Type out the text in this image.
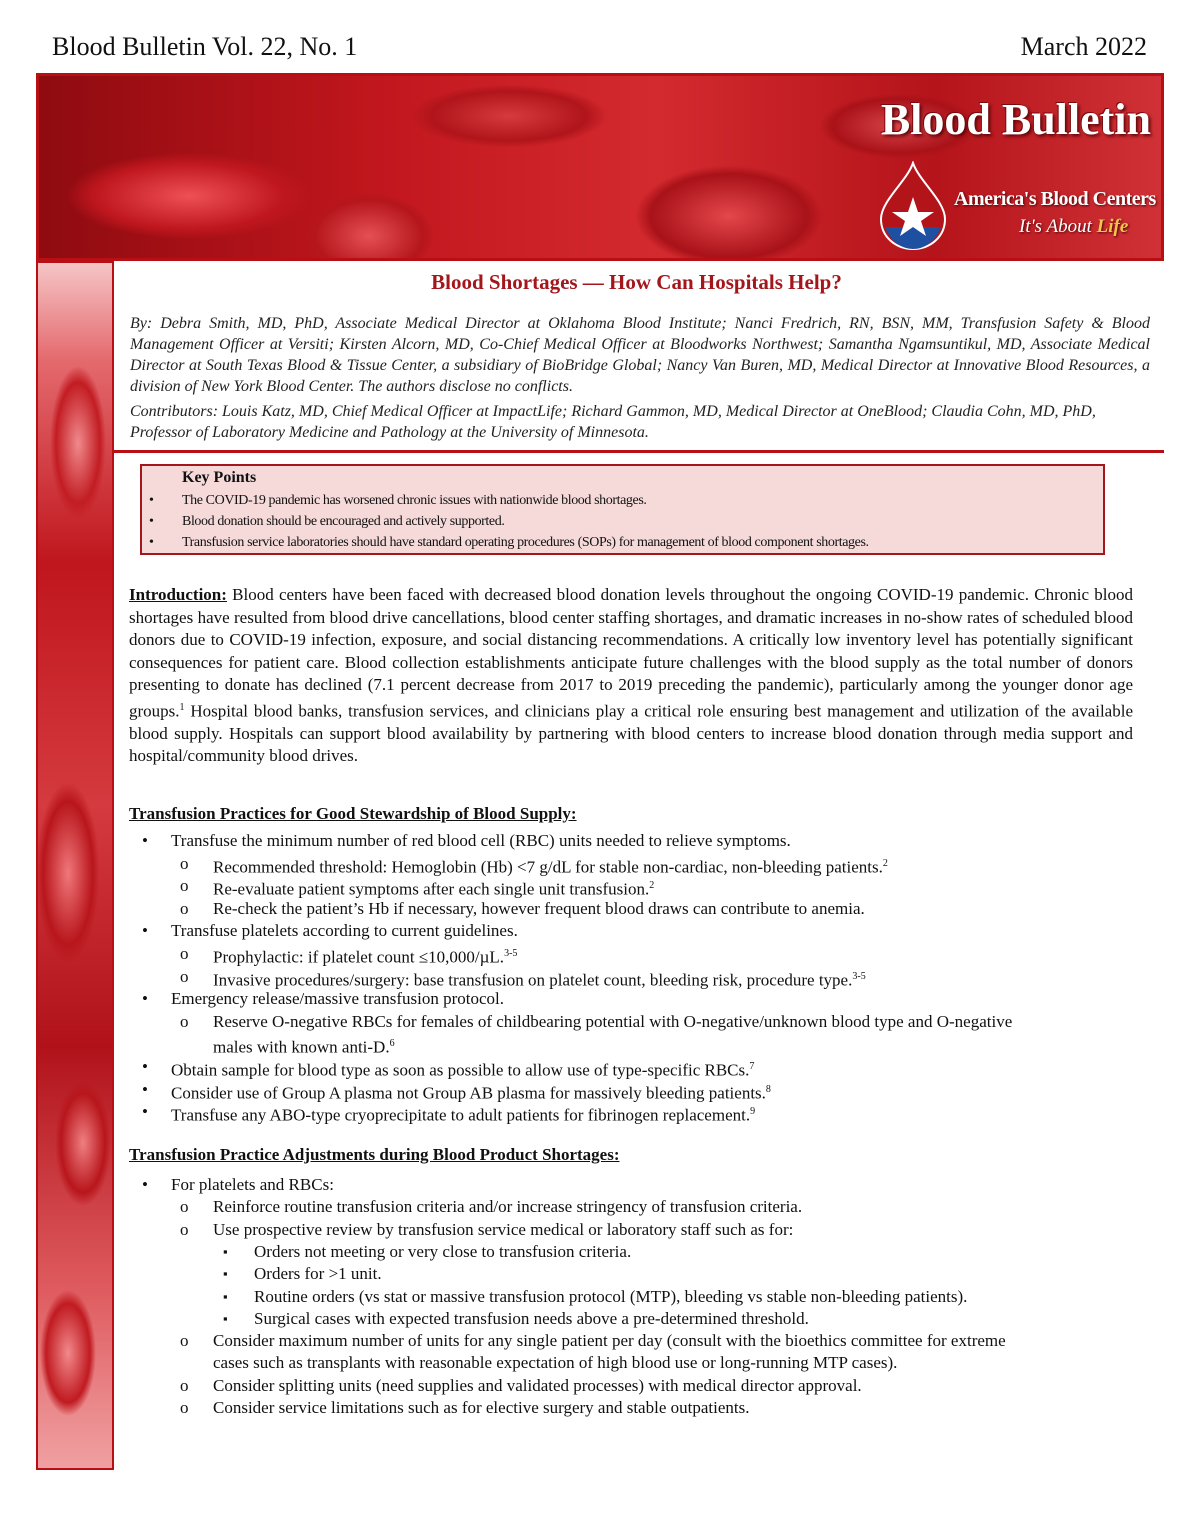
Blood Bulletin Vol. 22, No. 1	March 2022
Blood Bulletin
America's Blood Centers
It's About Life
Blood Shortages — How Can Hospitals Help?
By: Debra Smith, MD, PhD, Associate Medical Director at Oklahoma Blood Institute; Nanci Fredrich, RN, BSN, MM, Transfusion Safety & Blood Management Officer at Versiti; Kirsten Alcorn, MD, Co-Chief Medical Officer at Bloodworks Northwest; Samantha Ngamsuntikul, MD, Associate Medical Director at South Texas Blood & Tissue Center, a subsidiary of BioBridge Global; Nancy Van Buren, MD, Medical Director at Innovative Blood Resources, a division of New York Blood Center. The authors disclose no conflicts.
Contributors: Louis Katz, MD, Chief Medical Officer at ImpactLife; Richard Gammon, MD, Medical Director at OneBlood; Claudia Cohn, MD, PhD, Professor of Laboratory Medicine and Pathology at the University of Minnesota.
Key Points
• The COVID-19 pandemic has worsened chronic issues with nationwide blood shortages.
• Blood donation should be encouraged and actively supported.
• Transfusion service laboratories should have standard operating procedures (SOPs) for management of blood component shortages.
Introduction: Blood centers have been faced with decreased blood donation levels throughout the ongoing COVID-19 pandemic. Chronic blood shortages have resulted from blood drive cancellations, blood center staffing shortages, and dramatic increases in no-show rates of scheduled blood donors due to COVID-19 infection, exposure, and social distancing recommendations. A critically low inventory level has potentially significant consequences for patient care. Blood collection establishments anticipate future challenges with the blood supply as the total number of donors presenting to donate has declined (7.1 percent decrease from 2017 to 2019 preceding the pandemic), particularly among the younger donor age groups.$^1$ Hospital blood banks, transfusion services, and clinicians play a critical role ensuring best management and utilization of the available blood supply. Hospitals can support blood availability by partnering with blood centers to increase blood donation through media support and hospital/community blood drives.
Transfusion Practices for Good Stewardship of Blood Supply:
• Transfuse the minimum number of red blood cell (RBC) units needed to relieve symptoms.
o Recommended threshold: Hemoglobin (Hb) <7 g/dL for stable non-cardiac, non-bleeding patients.$^2$
o Re-evaluate patient symptoms after each single unit transfusion.$^2$
o Re-check the patient’s Hb if necessary, however frequent blood draws can contribute to anemia.
• Transfuse platelets according to current guidelines.
o Prophylactic: if platelet count ≤10,000/µL.$^{3-5}$
o Invasive procedures/surgery: base transfusion on platelet count, bleeding risk, procedure type.$^{3-5}$
• Emergency release/massive transfusion protocol.
o Reserve O-negative RBCs for females of childbearing potential with O-negative/unknown blood type and O-negative
males with known anti-D.$^6$
• Obtain sample for blood type as soon as possible to allow use of type-specific RBCs.$^7$
• Consider use of Group A plasma not Group AB plasma for massively bleeding patients.$^8$
• Transfuse any ABO-type cryoprecipitate to adult patients for fibrinogen replacement.$^9$
Transfusion Practice Adjustments during Blood Product Shortages:
• For platelets and RBCs:
o Reinforce routine transfusion criteria and/or increase stringency of transfusion criteria.
o Use prospective review by transfusion service medical or laboratory staff such as for:
▪ Orders not meeting or very close to transfusion criteria.
▪ Orders for >1 unit.
▪ Routine orders (vs stat or massive transfusion protocol (MTP), bleeding vs stable non-bleeding patients).
▪ Surgical cases with expected transfusion needs above a pre-determined threshold.
o Consider maximum number of units for any single patient per day (consult with the bioethics committee for extreme
cases such as transplants with reasonable expectation of high blood use or long-running MTP cases).
o Consider splitting units (need supplies and validated processes) with medical director approval.
o Consider service limitations such as for elective surgery and stable outpatients.
